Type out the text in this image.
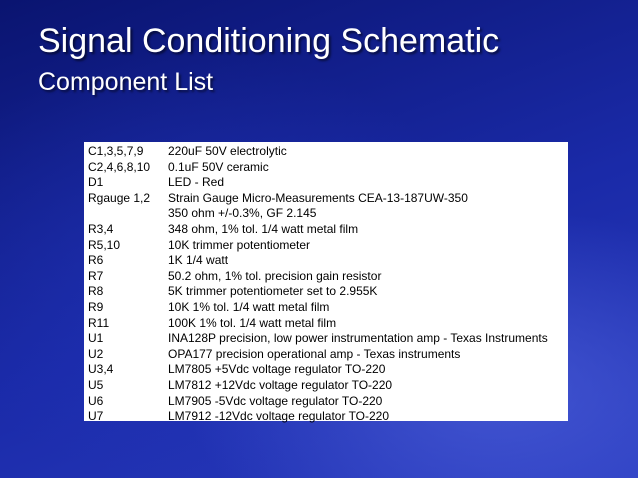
Signal Conditioning Schematic
Component List
C1,3,5,7,9	220uF 50V electrolytic
C2,4,6,8,10	0.1uF 50V ceramic
D1	LED - Red
Rgauge 1,2	Strain Gauge Micro-Measurements CEA-13-187UW-350
350 ohm +/-0.3%, GF 2.145
R3,4	348 ohm, 1% tol. 1/4 watt metal film
R5,10	10K trimmer potentiometer
R6	1K 1/4 watt
R7	50.2 ohm, 1% tol. precision gain resistor
R8	5K trimmer potentiometer set to 2.955K
R9	10K 1% tol. 1/4 watt metal film
R11	100K 1% tol. 1/4 watt metal film
U1	INA128P precision, low power instrumentation amp - Texas Instruments
U2	OPA177 precision operational amp - Texas instruments
U3,4	LM7805 +5Vdc voltage regulator TO-220
U5	LM7812 +12Vdc voltage regulator TO-220
U6	LM7905 -5Vdc voltage regulator TO-220
U7	LM7912 -12Vdc voltage regulator TO-220
